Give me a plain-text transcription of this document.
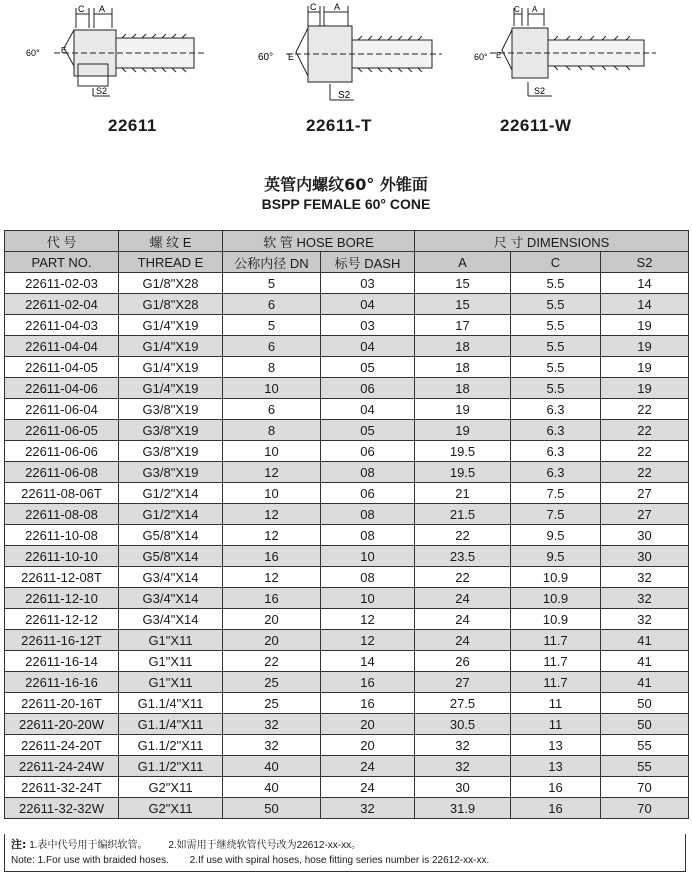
C A
60°	E
S2
22611
C A
60° E
S2
22611-T
C A
60° E
S2
22611-W
英管内螺纹60° 外锥面
BSPP FEMALE 60° CONE
代 号	螺 纹 E	软 管 HOSE BORE		尺 寸 DIMENSIONS		
PART NO.	THREAD E	公称内径 DN	标号 DASH	A	C	S2
22611-02-03	G1/8"X28	5	03	15	5.5	14
22611-02-04	G1/8"X28	6	04	15	5.5	14
22611-04-03	G1/4"X19	5	03	17	5.5	19
22611-04-04	G1/4"X19	6	04	18	5.5	19
22611-04-05	G1/4"X19	8	05	18	5.5	19
22611-04-06	G1/4"X19	10	06	18	5.5	19
22611-06-04	G3/8"X19	6	04	19	6.3	22
22611-06-05	G3/8"X19	8	05	19	6.3	22
22611-06-06	G3/8"X19	10	06	19.5	6.3	22
22611-06-08	G3/8"X19	12	08	19.5	6.3	22
22611-08-06T	G1/2"X14	10	06	21	7.5	27
22611-08-08	G1/2"X14	12	08	21.5	7.5	27
22611-10-08	G5/8"X14	12	08	22	9.5	30
22611-10-10	G5/8"X14	16	10	23.5	9.5	30
22611-12-08T	G3/4"X14	12	08	22	10.9	32
22611-12-10	G3/4"X14	16	10	24	10.9	32
22611-12-12	G3/4"X14	20	12	24	10.9	32
22611-16-12T	G1"X11	20	12	24	11.7	41
22611-16-14	G1"X11	22	14	26	11.7	41
22611-16-16	G1"X11	25	16	27	11.7	41
22611-20-16T	G1.1/4"X11	25	16	27.5	11	50
22611-20-20W	G1.1/4"X11	32	20	30.5	11	50
22611-24-20T	G1.1/2"X11	32	20	32	13	55
22611-24-24W	G1.1/2"X11	40	24	32	13	55
22611-32-24T	G2"X11	40	24	30	16	70
22611-32-32W	G2"X11	50	32	31.9	16	70
注: 1.表中代号用于编织软管。 2.如需用于继绕软管代号改为22612-xx-xx。
Note: 1.For use with braided hoses. 2.If use with spiral hoses, hose fitting series number is 22612-xx-xx.
